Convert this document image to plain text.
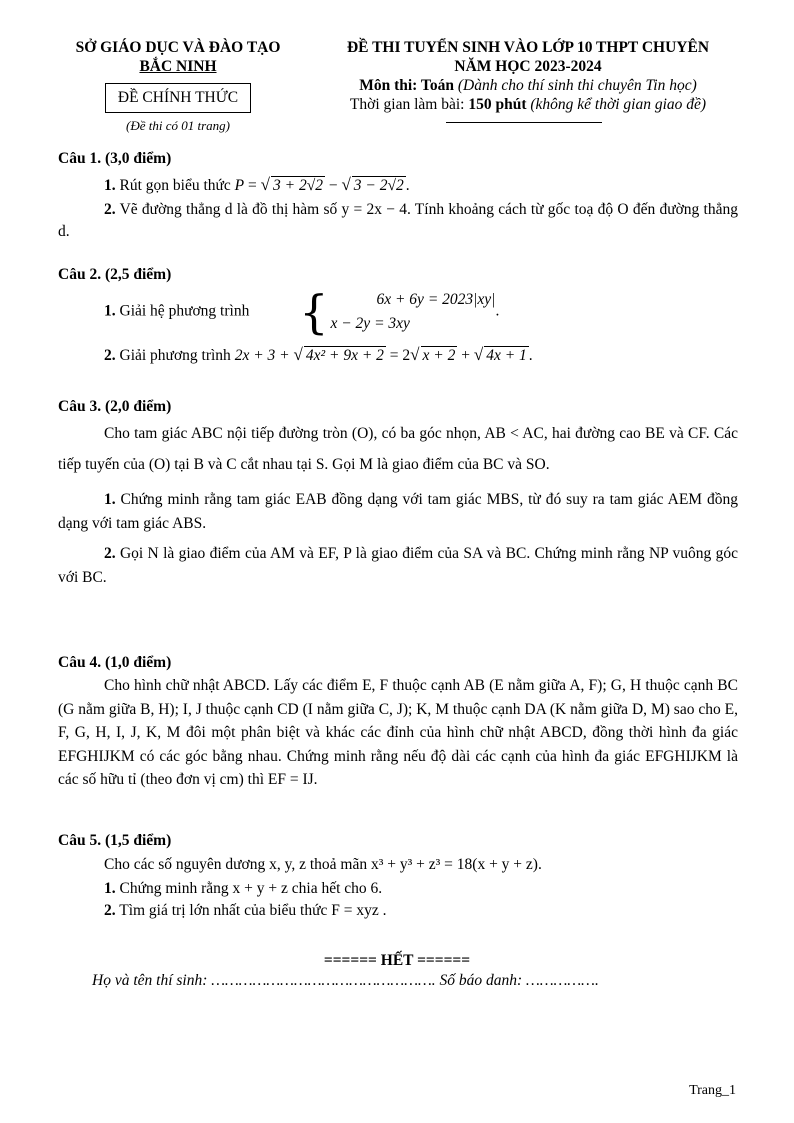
SỞ GIÁO DỤC VÀ ĐÀO TẠO
BẮC NINH
ĐỀ CHÍNH THỨC
(Đề thi có 01 trang)
ĐỀ THI TUYỂN SINH VÀO LỚP 10 THPT CHUYÊN
NĂM HỌC 2023-2024
Môn thi: Toán (Dành cho thí sinh thi chuyên Tin học)
Thời gian làm bài: 150 phút (không kể thời gian giao đề)
Câu 1. (3,0 điểm)
1. Rút gọn biểu thức P = √ 3 + 2√2 − √ 3 − 2√2 .
2. Vẽ đường thẳng d là đồ thị hàm số y = 2x − 4. Tính khoảng cách từ gốc toạ độ O đến đường thẳng d.
Câu 2. (2,5 điểm)
1. Giải hệ phương trình	{	6x + 6y = 2023|xy|
x − 2y = 3xy
.
2. Giải phương trình 2x + 3 + √ 4x² + 9x + 2 = 2√ x + 2 + √ 4x + 1 .
Câu 3. (2,0 điểm)
Cho tam giác ABC nội tiếp đường tròn (O), có ba góc nhọn, AB < AC, hai đường cao BE và CF. Các tiếp tuyến của (O) tại B và C cắt nhau tại S. Gọi M là giao điểm của BC và SO.
1. Chứng minh rằng tam giác EAB đồng dạng với tam giác MBS, từ đó suy ra tam giác AEM đồng dạng với tam giác ABS.
2. Gọi N là giao điểm của AM và EF, P là giao điểm của SA và BC. Chứng minh rằng NP vuông góc với BC.
Câu 4. (1,0 điểm)
Cho hình chữ nhật ABCD. Lấy các điểm E, F thuộc cạnh AB (E nằm giữa A, F); G, H thuộc cạnh BC (G nằm giữa B, H); I, J thuộc cạnh CD (I nằm giữa C, J); K, M thuộc cạnh DA (K nằm giữa D, M) sao cho E, F, G, H, I, J, K, M đôi một phân biệt và khác các đỉnh của hình chữ nhật ABCD, đồng thời hình đa giác EFGHIJKM có các góc bằng nhau. Chứng minh rằng nếu độ dài các cạnh của hình đa giác EFGHIJKM là các số hữu tỉ (theo đơn vị cm) thì EF = IJ.
Câu 5. (1,5 điểm)
Cho các số nguyên dương x, y, z thoả mãn x³ + y³ + z³ = 18(x + y + z).
1. Chứng minh rằng x + y + z chia hết cho 6.
2. Tìm giá trị lớn nhất của biểu thức F = xyz .
====== HẾT ======
Họ và tên thí sinh: …………………………………………. Số báo danh: …………….
Trang_1
